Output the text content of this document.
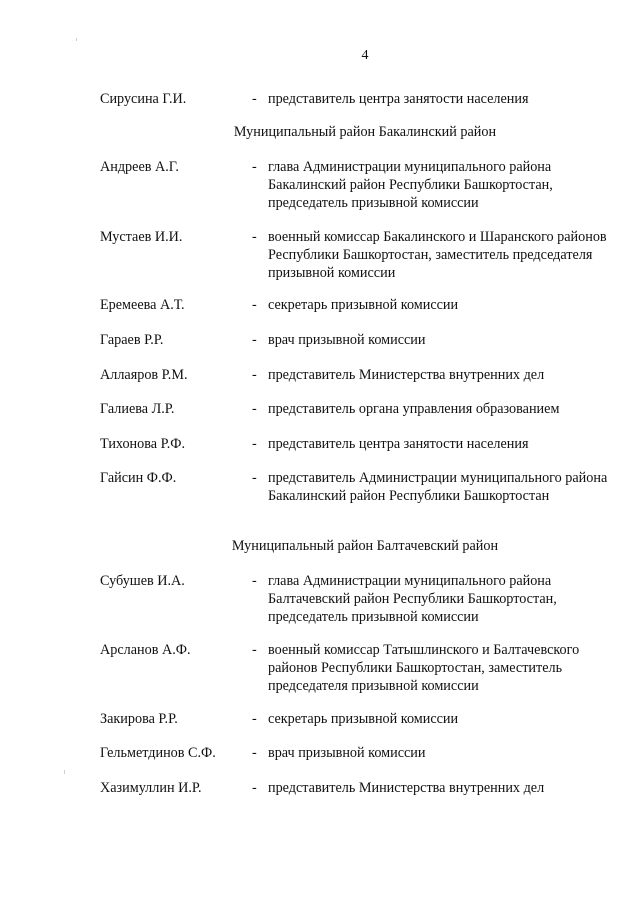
4
Сирусина Г.И.	- представитель центра занятости населения
Муниципальный район Бакалинский район
Андреев А.Г.	- глава Администрации муниципального района Бакалинский район Республики Башкортостан, председатель призывной комиссии
Мустаев И.И.	- военный комиссар Бакалинского и Шаранского районов Республики Башкортостан, заместитель председателя призывной комиссии
Еремеева А.Т.	- секретарь призывной комиссии
Гараев Р.Р.	- врач призывной комиссии
Аллаяров Р.М.	- представитель Министерства внутренних дел
Галиева Л.Р.	- представитель органа управления образованием
Тихонова Р.Ф.	- представитель центра занятости населения
Гайсин Ф.Ф.	- представитель Администрации муниципального района Бакалинский район Республики Башкортостан
Муниципальный район Балтачевский район
Субушев И.А.	- глава Администрации муниципального района Балтачевский район Республики Башкортостан, председатель призывной комиссии
Арсланов А.Ф.	- военный комиссар Татышлинского и Балтачевского районов Республики Башкортостан, заместитель председателя призывной комиссии
Закирова Р.Р.	- секретарь призывной комиссии
Гельметдинов С.Ф.	- врач призывной комиссии
Хазимуллин И.Р.	- представитель Министерства внутренних дел
